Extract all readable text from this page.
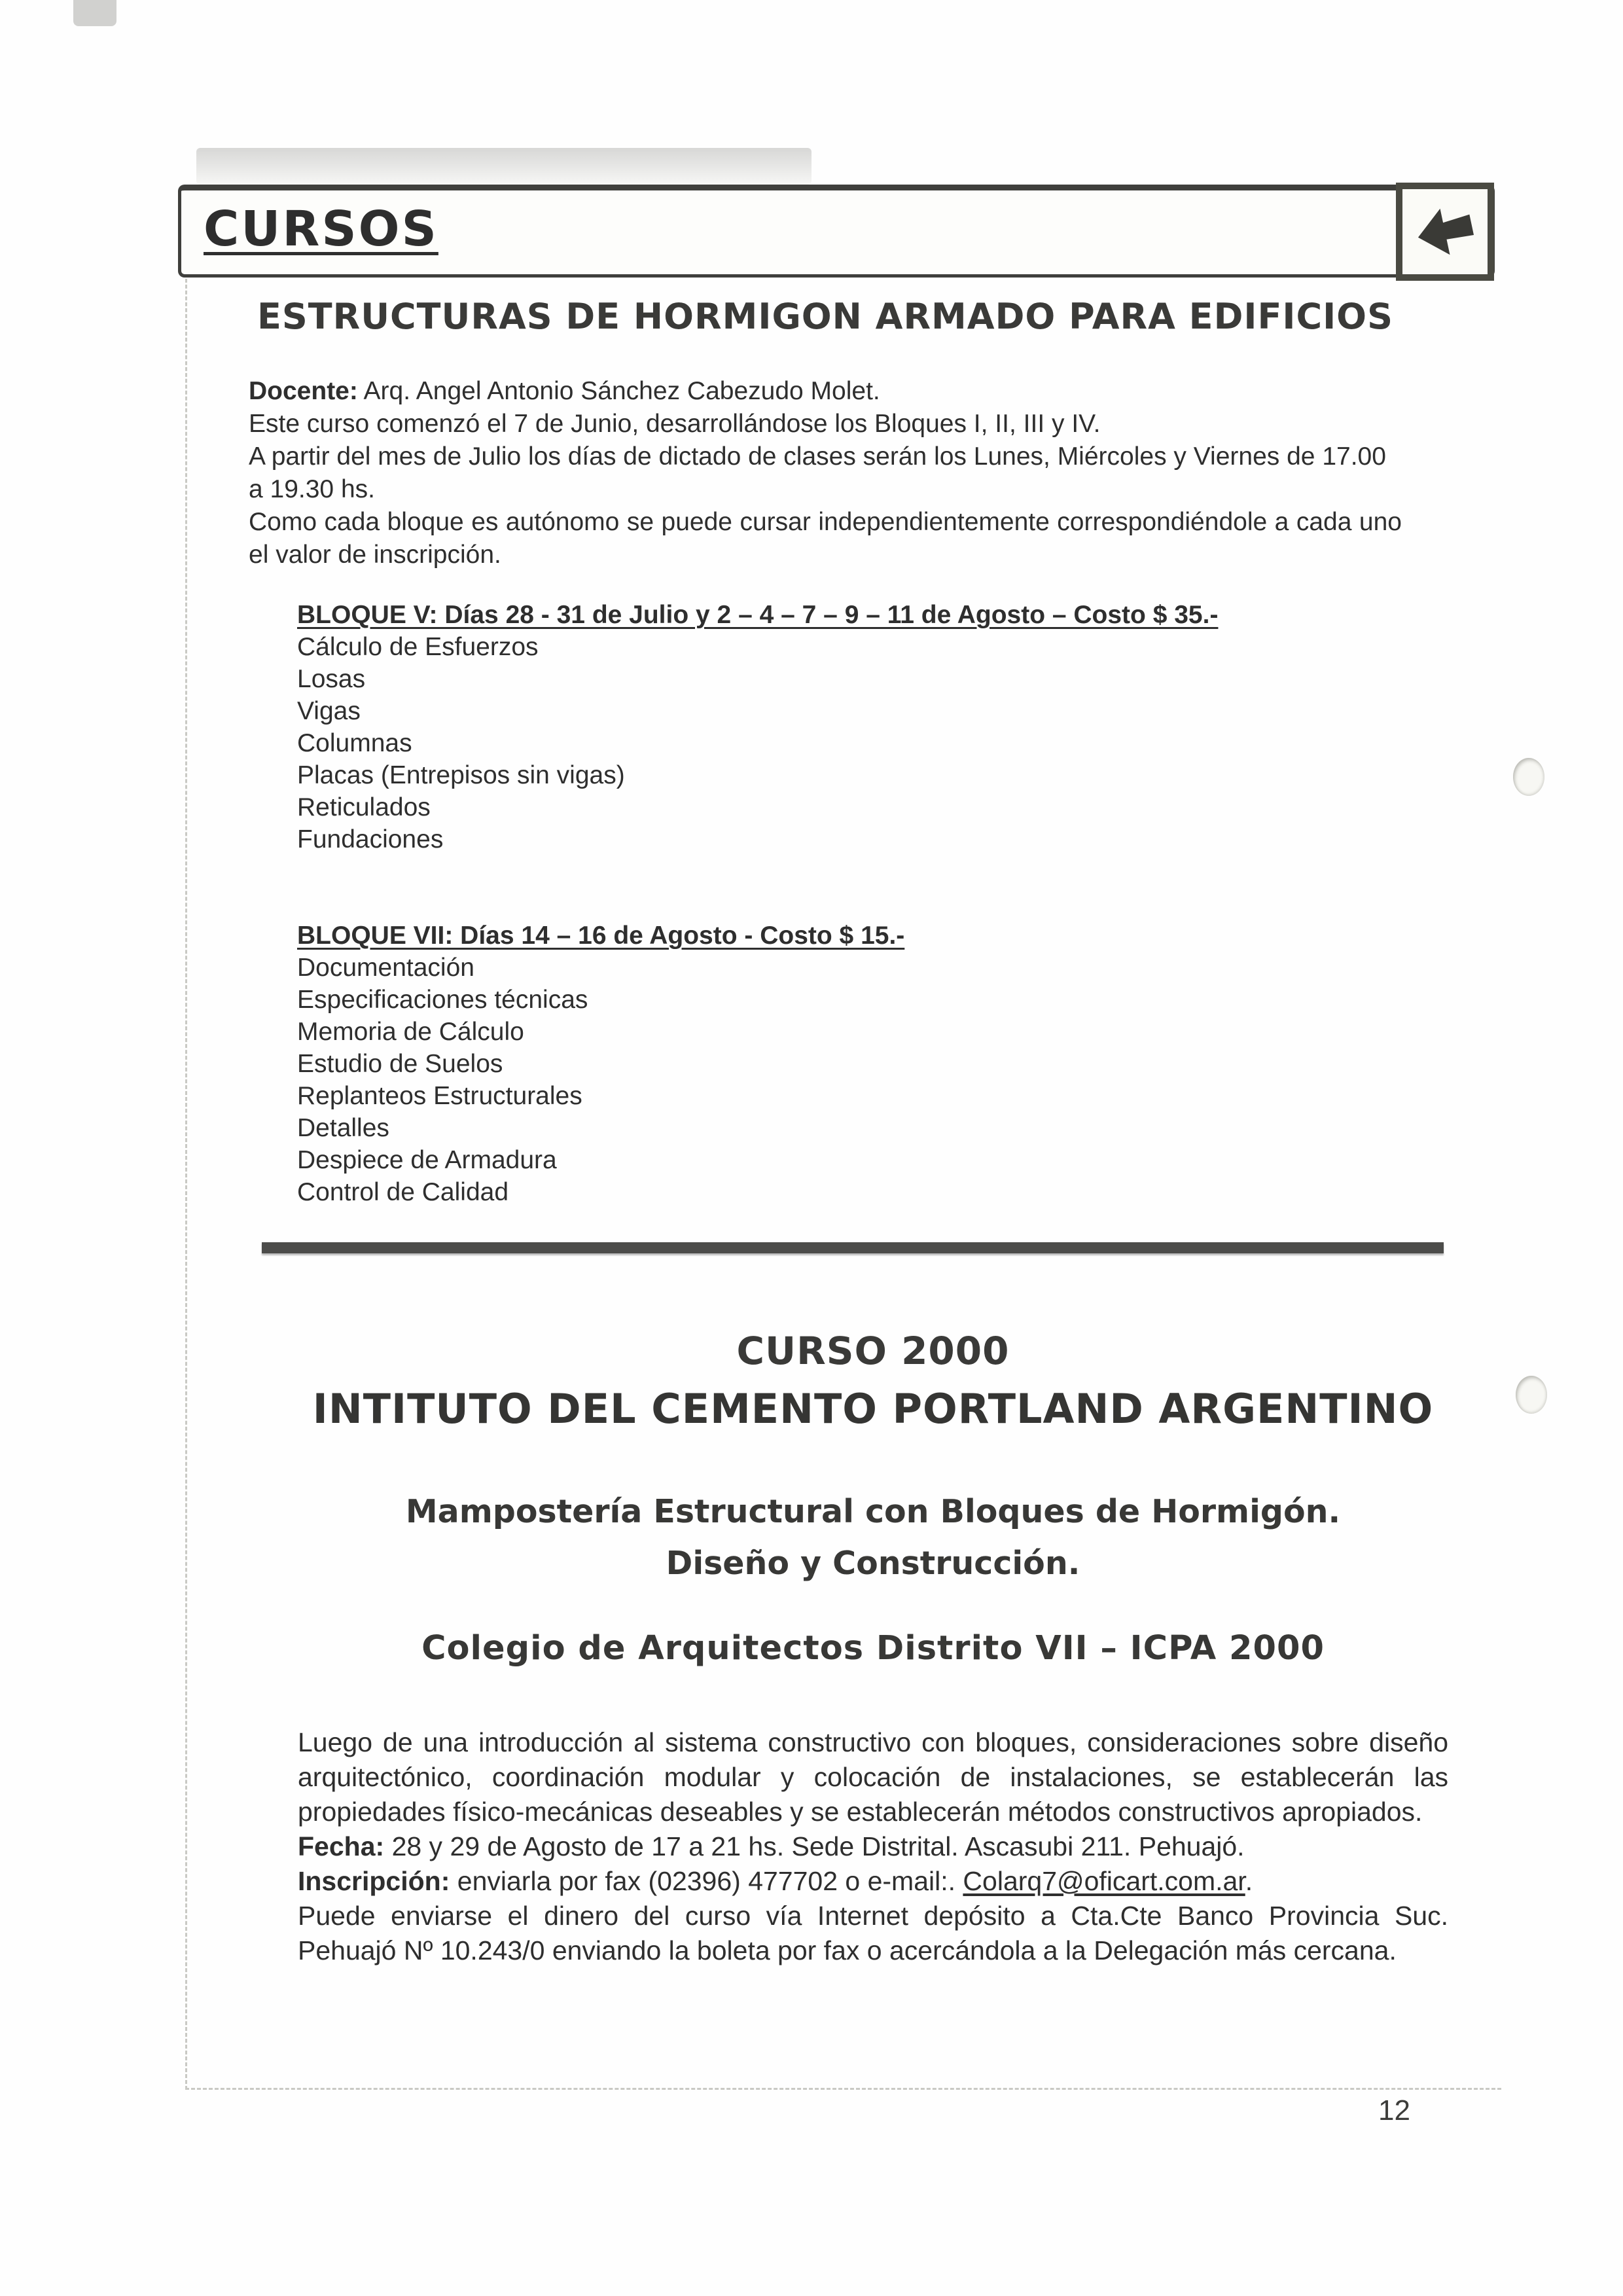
CURSOS
ESTRUCTURAS DE HORMIGON ARMADO PARA EDIFICIOS

Docente: Arq. Angel Antonio Sánchez Cabezudo Molet.

Este curso comenzó el 7 de Junio, desarrollándose los Bloques I, II, III y IV.

A partir del mes de Julio los días de dictado de clases serán los Lunes, Miércoles y Viernes de 17.00 a 19.30 hs.

Como cada bloque es autónomo se puede cursar independientemente correspondiéndole a cada uno el valor de inscripción.

BLOQUE V: Días 28 - 31 de Julio y 2 – 4 – 7 – 9 – 11 de Agosto – Costo $ 35.-
Cálculo de Esfuerzos
Losas
Vigas
Columnas
Placas (Entrepisos sin vigas)
Reticulados
Fundaciones
BLOQUE VII: Días 14 – 16 de Agosto - Costo $ 15.-
Documentación
Especificaciones técnicas
Memoria de Cálculo
Estudio de Suelos
Replanteos Estructurales
Detalles
Despiece de Armadura
Control de Calidad
CURSO 2000
INTITUTO DEL CEMENTO PORTLAND ARGENTINO

Mampostería Estructural con Bloques de Hormigón.

Diseño y Construcción.

Colegio de Arquitectos Distrito VII – ICPA 2000

Luego de una introducción al sistema constructivo con bloques, consideraciones sobre diseño arquitectónico, coordinación modular y colocación de instalaciones, se establecerán las propiedades físico-mecánicas deseables y se establecerán métodos constructivos apropiados.

Fecha: 28 y 29 de Agosto de 17 a 21 hs. Sede Distrital. Ascasubi 211. Pehuajó.

Inscripción: enviarla por fax (02396) 477702 o e-mail:. Colarq7@oficart.com.ar.

Puede enviarse el dinero del curso vía Internet depósito a Cta.Cte Banco Provincia Suc. Pehuajó Nº 10.243/0 enviando la boleta por fax o acercándola a la Delegación más cercana.

12
